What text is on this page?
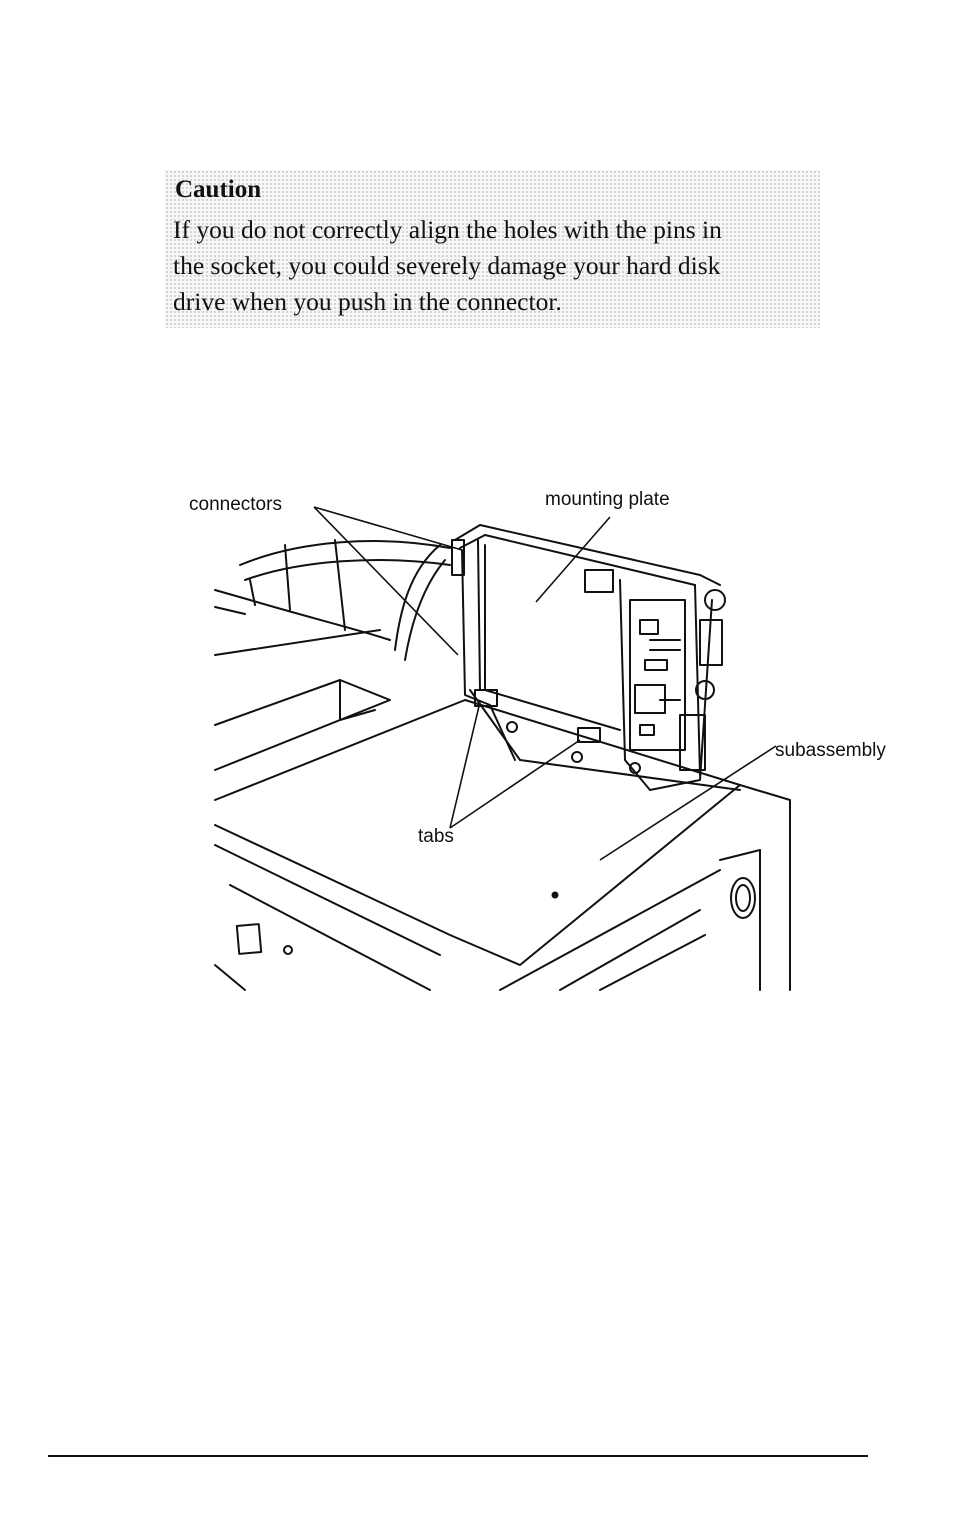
Caution
If you do not correctly align the holes with the pins in
the socket, you could severely damage your hard disk
drive when you push in the connector.
connectors	mounting plate
subassembly
tabs
